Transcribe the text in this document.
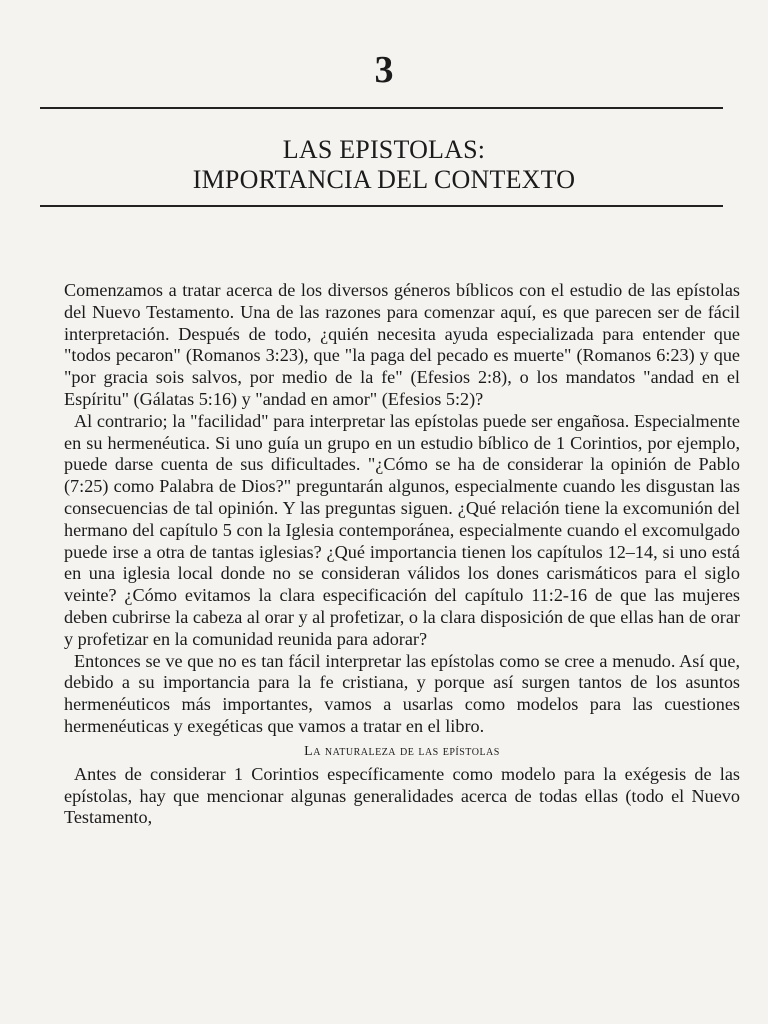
3
LAS EPISTOLAS:
IMPORTANCIA DEL CONTEXTO

Comenzamos a tratar acerca de los diversos géneros bíblicos con el estudio de las epístolas del Nuevo Testamento. Una de las razones para comenzar aquí, es que parecen ser de fácil interpretación. Después de todo, ¿quién necesita ayuda especializada para entender que "todos pecaron" (Romanos 3:23), que "la paga del pecado es muerte" (Romanos 6:23) y que "por gracia sois salvos, por medio de la fe" (Efesios 2:8), o los mandatos "andad en el Espíritu" (Gálatas 5:16) y "andad en amor" (Efesios 5:2)?

Al contrario; la "facilidad" para interpretar las epístolas puede ser engañosa. Especialmente en su hermenéutica. Si uno guía un grupo en un estudio bíblico de 1 Corintios, por ejemplo, puede darse cuenta de sus dificultades. "¿Cómo se ha de considerar la opinión de Pablo (7:25) como Palabra de Dios?" preguntarán algunos, especialmente cuando les disgustan las consecuencias de tal opinión. Y las preguntas siguen. ¿Qué relación tiene la excomunión del hermano del capítulo 5 con la Iglesia contemporánea, especialmente cuando el excomulgado puede irse a otra de tantas iglesias? ¿Qué importancia tienen los capítulos 12–14, si uno está en una iglesia local donde no se consideran válidos los dones carismáticos para el siglo veinte? ¿Cómo evitamos la clara especificación del capítulo 11:2-16 de que las mujeres deben cubrirse la cabeza al orar y al profetizar, o la clara disposición de que ellas han de orar y profetizar en la comunidad reunida para adorar?

Entonces se ve que no es tan fácil interpretar las epístolas como se cree a menudo. Así que, debido a su importancia para la fe cristiana, y porque así surgen tantos de los asuntos hermenéuticos más importantes, vamos a usarlas como modelos para las cuestiones hermenéuticas y exegéticas que vamos a tratar en el libro.

La naturaleza de las epístolas

Antes de considerar 1 Corintios específicamente como modelo para la exégesis de las epístolas, hay que mencionar algunas generalidades acerca de todas ellas (todo el Nuevo Testamento,
